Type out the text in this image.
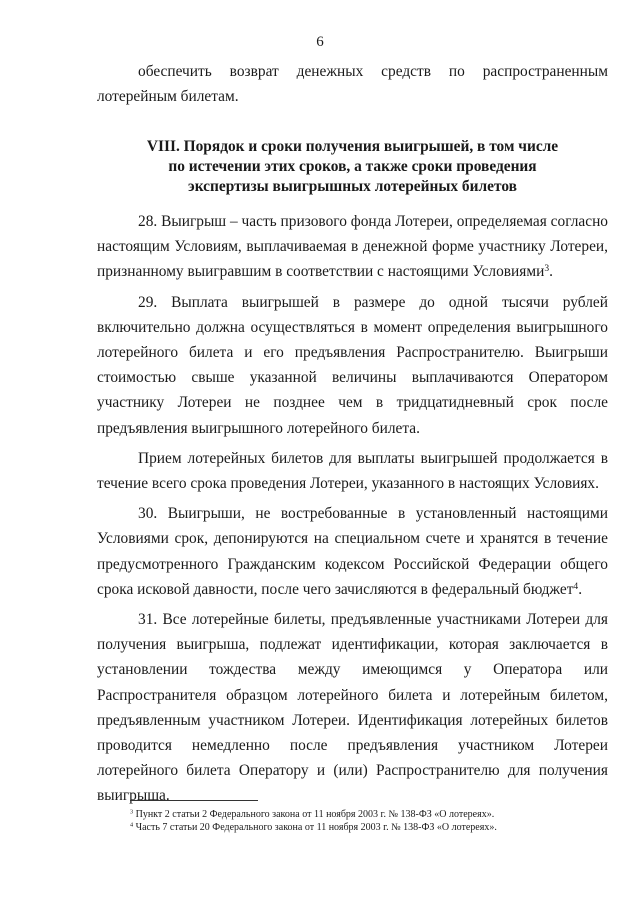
6

обеспечить возврат денежных средств по распространенным лотерейным билетам.

VIII. Порядок и сроки получения выигрышей, в том числе
по истечении этих сроков, а также сроки проведения
экспертизы выигрышных лотерейных билетов

28. Выигрыш – часть призового фонда Лотереи, определяемая согласно настоящим Условиям, выплачиваемая в денежной форме участнику Лотереи, признанному выигравшим в соответствии с настоящими Условиями$^3$.

29. Выплата выигрышей в размере до одной тысячи рублей включительно должна осуществляться в момент определения выигрышного лотерейного билета и его предъявления Распространителю. Выигрыши стоимостью свыше указанной величины выплачиваются Оператором участнику Лотереи не позднее чем в тридцатидневный срок после предъявления выигрышного лотерейного билета.

Прием лотерейных билетов для выплаты выигрышей продолжается в течение всего срока проведения Лотереи, указанного в настоящих Условиях.

30. Выигрыши, не востребованные в установленный настоящими Условиями срок, депонируются на специальном счете и хранятся в течение предусмотренного Гражданским кодексом Российской Федерации общего срока исковой давности, после чего зачисляются в федеральный бюджет$^4$.

31. Все лотерейные билеты, предъявленные участниками Лотереи для получения выигрыша, подлежат идентификации, которая заключается в установлении тождества между имеющимся у Оператора или Распространителя образцом лотерейного билета и лотерейным билетом, предъявленным участником Лотереи. Идентификация лотерейных билетов проводится немедленно после предъявления участником Лотереи лотерейного билета Оператору и (или) Распространителю для получения выигрыша.

$^3$ Пункт 2 статьи 2 Федерального закона от 11 ноября 2003 г. № 138-ФЗ «О лотереях».
$^4$ Часть 7 статьи 20 Федерального закона от 11 ноября 2003 г. № 138-ФЗ «О лотереях».
